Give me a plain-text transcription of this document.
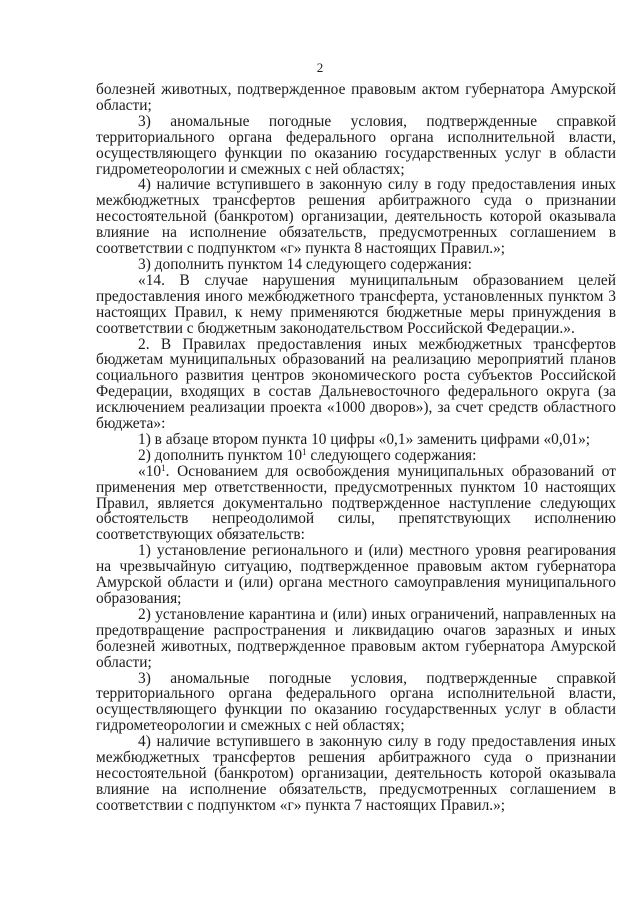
2

болезней животных, подтвержденное правовым актом губернатора Амурской области;

3) аномальные погодные условия, подтвержденные справкой территориального органа федерального органа исполнительной власти, осуществляющего функции по оказанию государственных услуг в области гидрометеорологии и смежных с ней областях;

4) наличие вступившего в законную силу в году предоставления иных межбюджетных трансфертов решения арбитражного суда о признании несостоятельной (банкротом) организации, деятельность которой оказывала влияние на исполнение обязательств, предусмотренных соглашением в соответствии с подпунктом «г» пункта 8 настоящих Правил.»;

3) дополнить пунктом 14 следующего содержания:

«14. В случае нарушения муниципальным образованием целей предоставления иного межбюджетного трансферта, установленных пунктом 3 настоящих Правил, к нему применяются бюджетные меры принуждения в соответствии с бюджетным законодательством Российской Федерации.».

2. В Правилах предоставления иных межбюджетных трансфертов бюджетам муниципальных образований на реализацию мероприятий планов социального развития центров экономического роста субъектов Российской Федерации, входящих в состав Дальневосточного федерального округа (за исключением реализации проекта «1000 дворов»), за счет средств областного бюджета»:

1) в абзаце втором пункта 10 цифры «0,1» заменить цифрами «0,01»;

2) дополнить пунктом $10^1$ следующего содержания:

«$10^1$. Основанием для освобождения муниципальных образований от применения мер ответственности, предусмотренных пунктом 10 настоящих Правил, является документально подтвержденное наступление следующих обстоятельств непреодолимой силы, препятствующих исполнению соответствующих обязательств:

1) установление регионального и (или) местного уровня реагирования на чрезвычайную ситуацию, подтвержденное правовым актом губернатора Амурской области и (или) органа местного самоуправления муниципального образования;

2) установление карантина и (или) иных ограничений, направленных на предотвращение распространения и ликвидацию очагов заразных и иных болезней животных, подтвержденное правовым актом губернатора Амурской области;

3) аномальные погодные условия, подтвержденные справкой территориального органа федерального органа исполнительной власти, осуществляющего функции по оказанию государственных услуг в области гидрометеорологии и смежных с ней областях;

4) наличие вступившего в законную силу в году предоставления иных межбюджетных трансфертов решения арбитражного суда о признании несостоятельной (банкротом) организации, деятельность которой оказывала влияние на исполнение обязательств, предусмотренных соглашением в соответствии с подпунктом «г» пункта 7 настоящих Правил.»;
